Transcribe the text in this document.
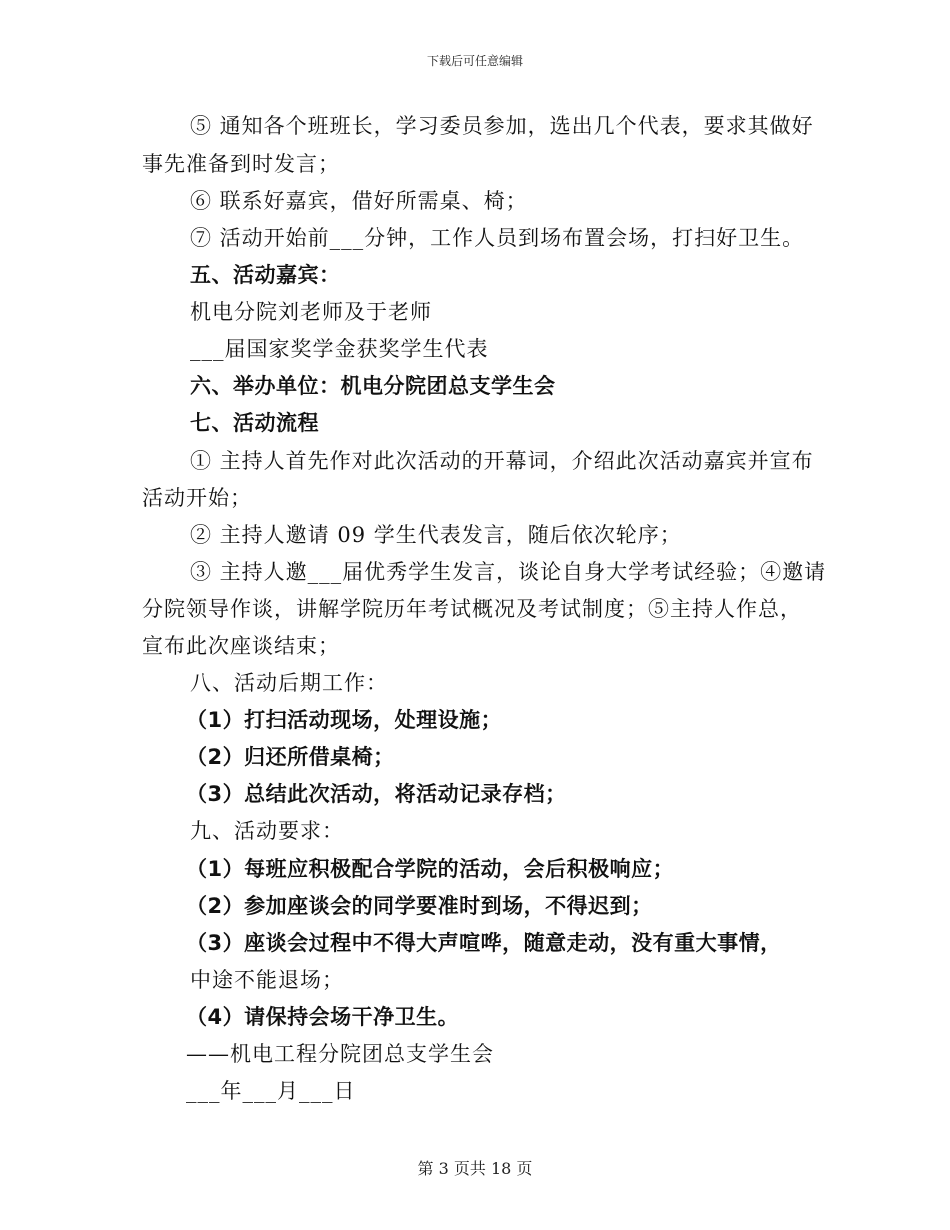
下载后可任意编辑
⑤ 通知各个班班长，学习委员参加，选出几个代表，要求其做好
事先准备到时发言；
⑥ 联系好嘉宾，借好所需桌、椅；
⑦ 活动开始前___分钟，工作人员到场布置会场，打扫好卫生。
五、活动嘉宾：
机电分院刘老师及于老师
___届国家奖学金获奖学生代表
六、举办单位：机电分院团总支学生会
七、活动流程
① 主持人首先作对此次活动的开幕词，介绍此次活动嘉宾并宣布
活动开始；
② 主持人邀请 09 学生代表发言，随后依次轮序；
③ 主持人邀___届优秀学生发言，谈论自身大学考试经验；④邀请
分院领导作谈，讲解学院历年考试概况及考试制度；⑤主持人作总，
宣布此次座谈结束；
八、活动后期工作：
（1）打扫活动现场，处理设施；
（2）归还所借桌椅；
（3）总结此次活动，将活动记录存档；
九、活动要求：
（1）每班应积极配合学院的活动，会后积极响应；
（2）参加座谈会的同学要准时到场，不得迟到；
（3）座谈会过程中不得大声喧哗，随意走动，没有重大事情，
中途不能退场；
（4）请保持会场干净卫生。
——机电工程分院团总支学生会
___年___月___日
第 3 页共 18 页
